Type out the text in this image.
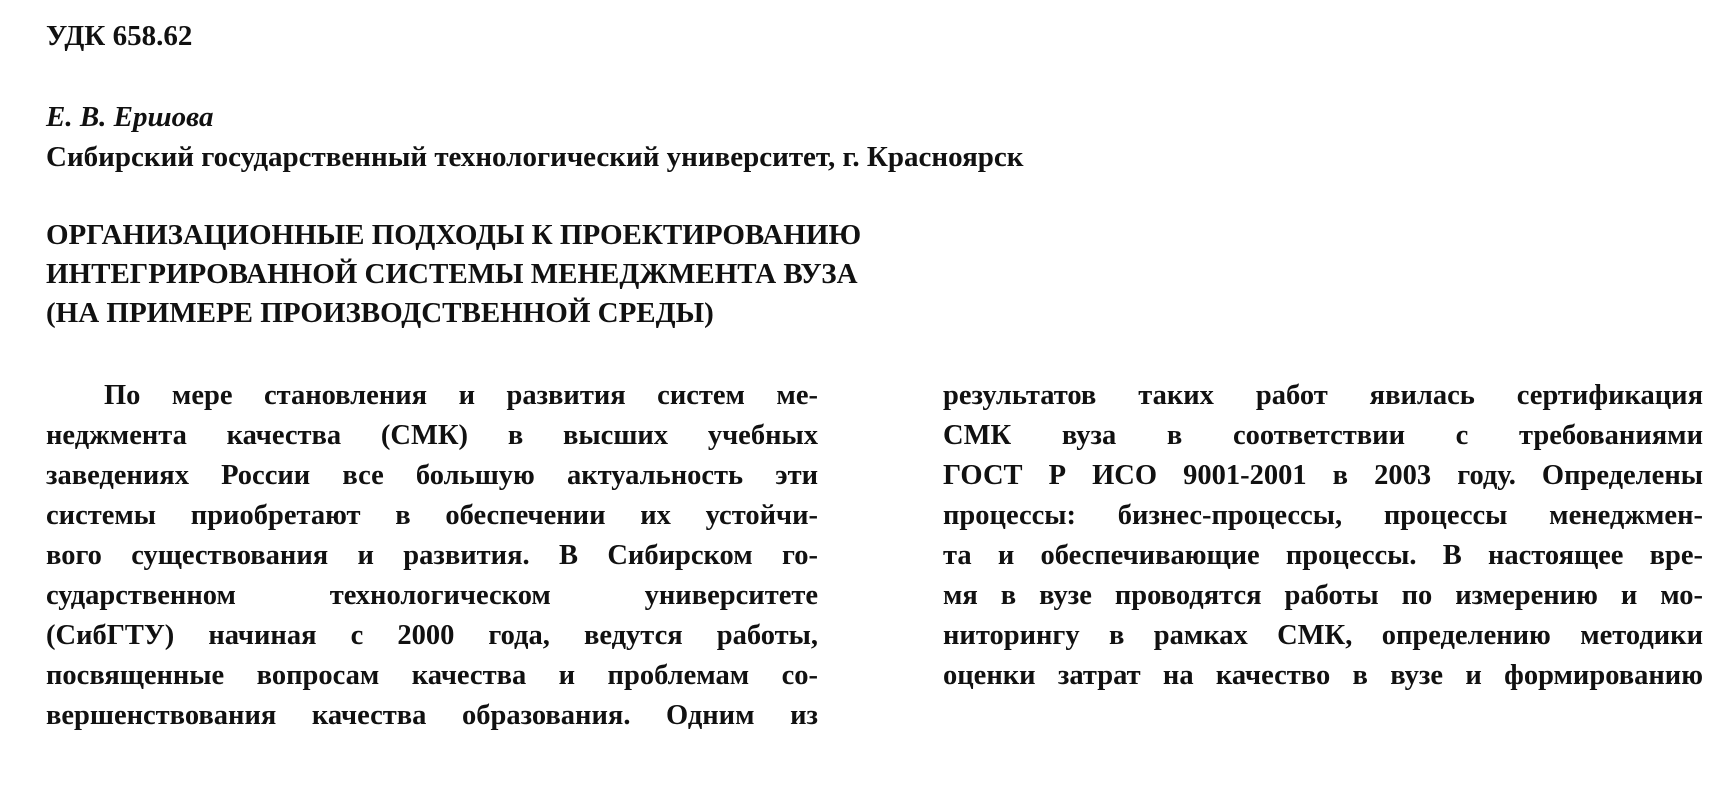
УДК 658.62
Е. В. Ершова
Сибирский государственный технологический университет, г. Красноярск
ОРГАНИЗАЦИОННЫЕ ПОДХОДЫ К ПРОЕКТИРОВАНИЮ
ИНТЕГРИРОВАННОЙ СИСТЕМЫ МЕНЕДЖМЕНТА ВУЗА
(НА ПРИМЕРЕ ПРОИЗВОДСТВЕННОЙ СРЕДЫ)
По мере становления и развития систем ме-
неджмента качества (СМК) в высших учебных
заведениях России все большую актуальность эти
системы приобретают в обеспечении их устойчи-
вого существования и развития. В Сибирском го-
сударственном технологическом университете
(СибГТУ) начиная с 2000 года, ведутся работы,
посвященные вопросам качества и проблемам со-
вершенствования качества образования. Одним из
результатов таких работ явилась сертификация
СМК вуза в соответствии с требованиями
ГОСТ Р ИСО 9001-2001 в 2003 году. Определены
процессы: бизнес-процессы, процессы менеджмен-
та и обеспечивающие процессы. В настоящее вре-
мя в вузе проводятся работы по измерению и мо-
ниторингу в рамках СМК, определению методики
оценки затрат на качество в вузе и формированию
